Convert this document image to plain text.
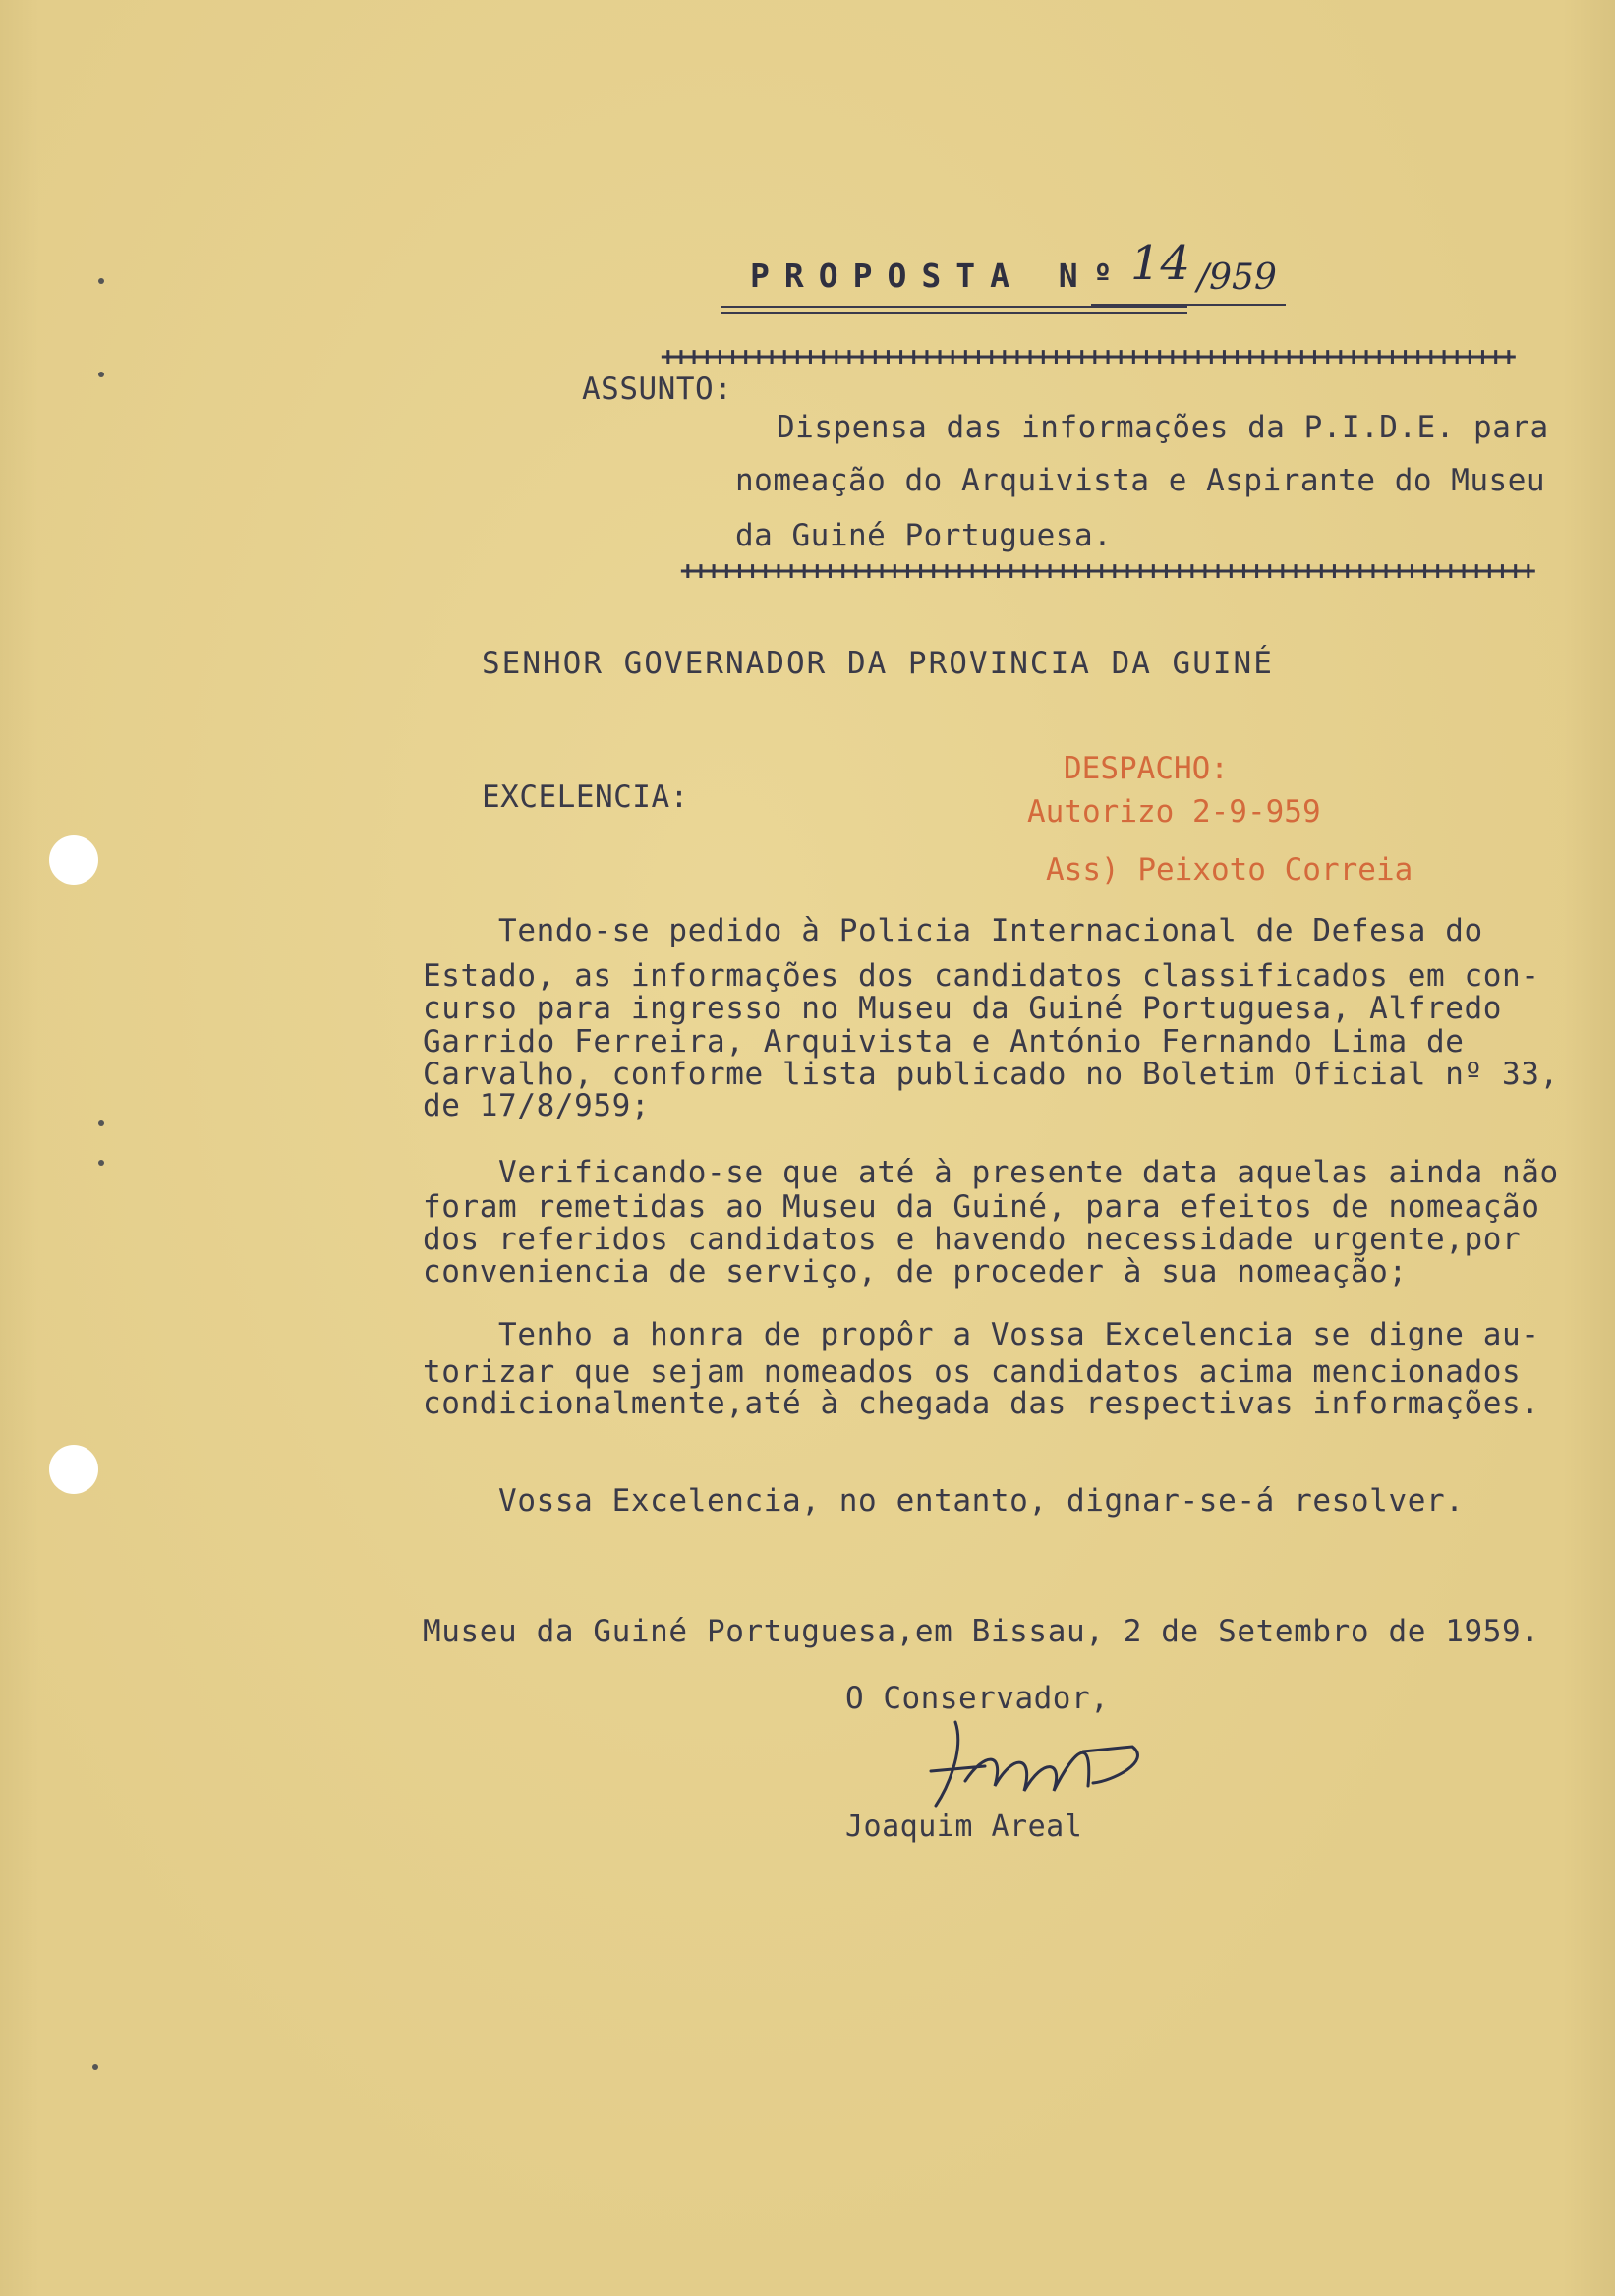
PROPOSTA Nº 14 /959
++++++++++++++++++++++++++++++++++++++++++++++++++++++++++++++++++
ASSUNTO:
Dispensa das informações da P.I.D.E. para
nomeação do Arquivista e Aspirante do Museu
da Guiné Portuguesa.
++++++++++++++++++++++++++++++++++++++++++++++++++++++++++++++++++
SENHOR GOVERNADOR DA PROVINCIA DA GUINÉ
EXCELENCIA:
DESPACHO:
Autorizo 2-9-959
Ass) Peixoto Correia
Tendo-se pedido à Policia Internacional de Defesa do
Estado, as informações dos candidatos classificados em con-
curso para ingresso no Museu da Guiné Portuguesa, Alfredo
Garrido Ferreira, Arquivista e António Fernando Lima de
Carvalho, conforme lista publicado no Boletim Oficial nº 33,
de 17/8/959;
Verificando-se que até à presente data aquelas ainda não
foram remetidas ao Museu da Guiné, para efeitos de nomeação
dos referidos candidatos e havendo necessidade urgente,por
conveniencia de serviço, de proceder à sua nomeação;
Tenho a honra de propôr a Vossa Excelencia se digne au-
torizar que sejam nomeados os candidatos acima mencionados
condicionalmente,até à chegada das respectivas informações.
Vossa Excelencia, no entanto, dignar-se-á resolver.
Museu da Guiné Portuguesa,em Bissau, 2 de Setembro de 1959.
O Conservador,
Joaquim Areal
